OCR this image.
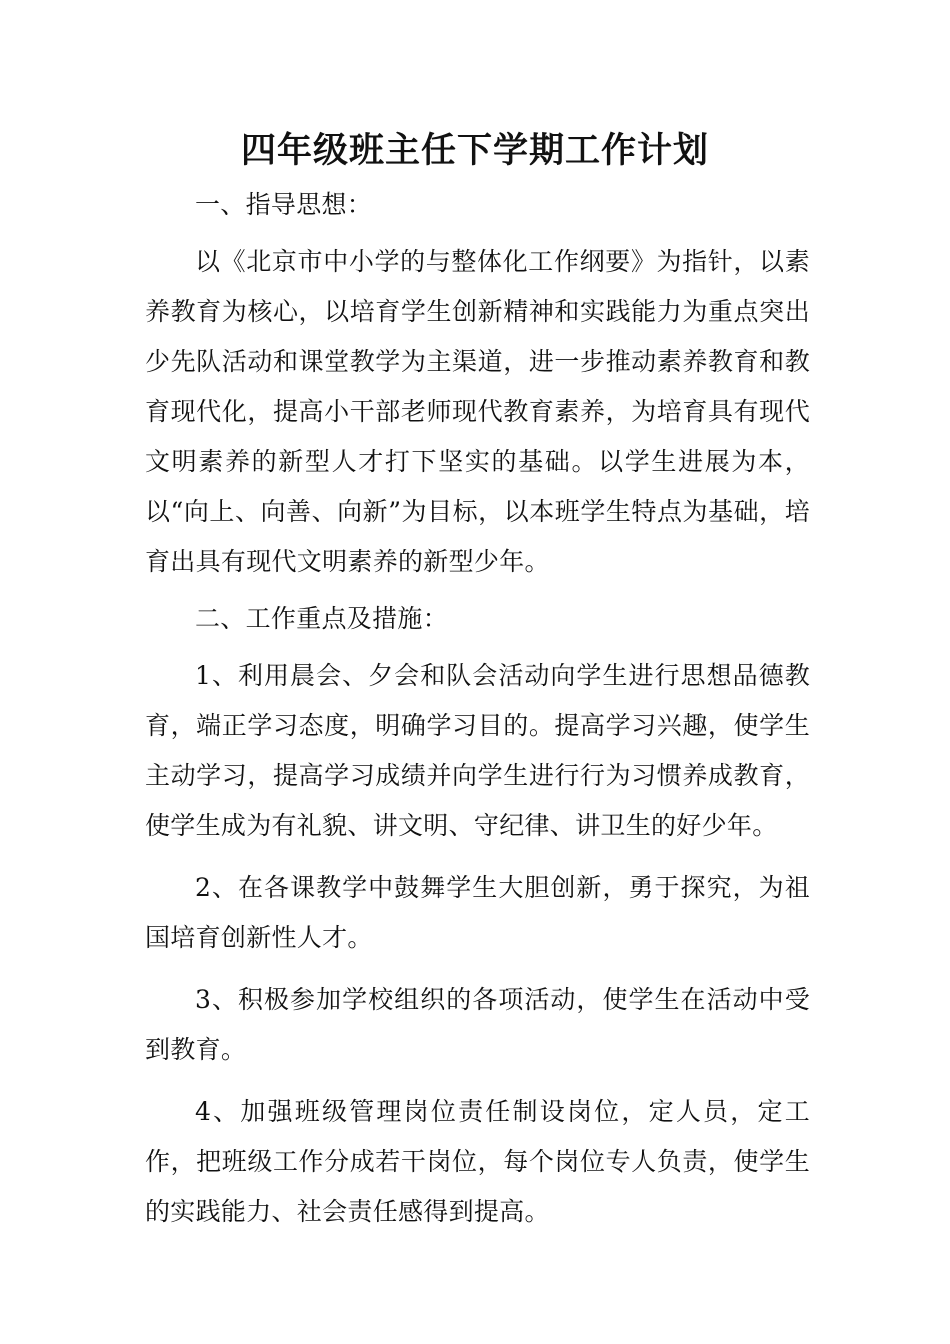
四年级班主任下学期工作计划

一、指导思想：

以《北京市中小学的与整体化工作纲要》为指针，以素养教育为核心，以培育学生创新精神和实践能力为重点突出少先队活动和课堂教学为主渠道，进一步推动素养教育和教育现代化，提高小干部老师现代教育素养，为培育具有现代文明素养的新型人才打下坚实的基础。以学生进展为本，以“向上、向善、向新”为目标，以本班学生特点为基础，培育出具有现代文明素养的新型少年。

二、工作重点及措施：

1、利用晨会、夕会和队会活动向学生进行思想品德教育，端正学习态度，明确学习目的。提高学习兴趣，使学生主动学习，提高学习成绩并向学生进行行为习惯养成教育，使学生成为有礼貌、讲文明、守纪律、讲卫生的好少年。

2、在各课教学中鼓舞学生大胆创新，勇于探究，为祖国培育创新性人才。

3、积极参加学校组织的各项活动，使学生在活动中受到教育。

4、加强班级管理岗位责任制设岗位，定人员，定工作，把班级工作分成若干岗位，每个岗位专人负责，使学生的实践能力、社会责任感得到提高。
